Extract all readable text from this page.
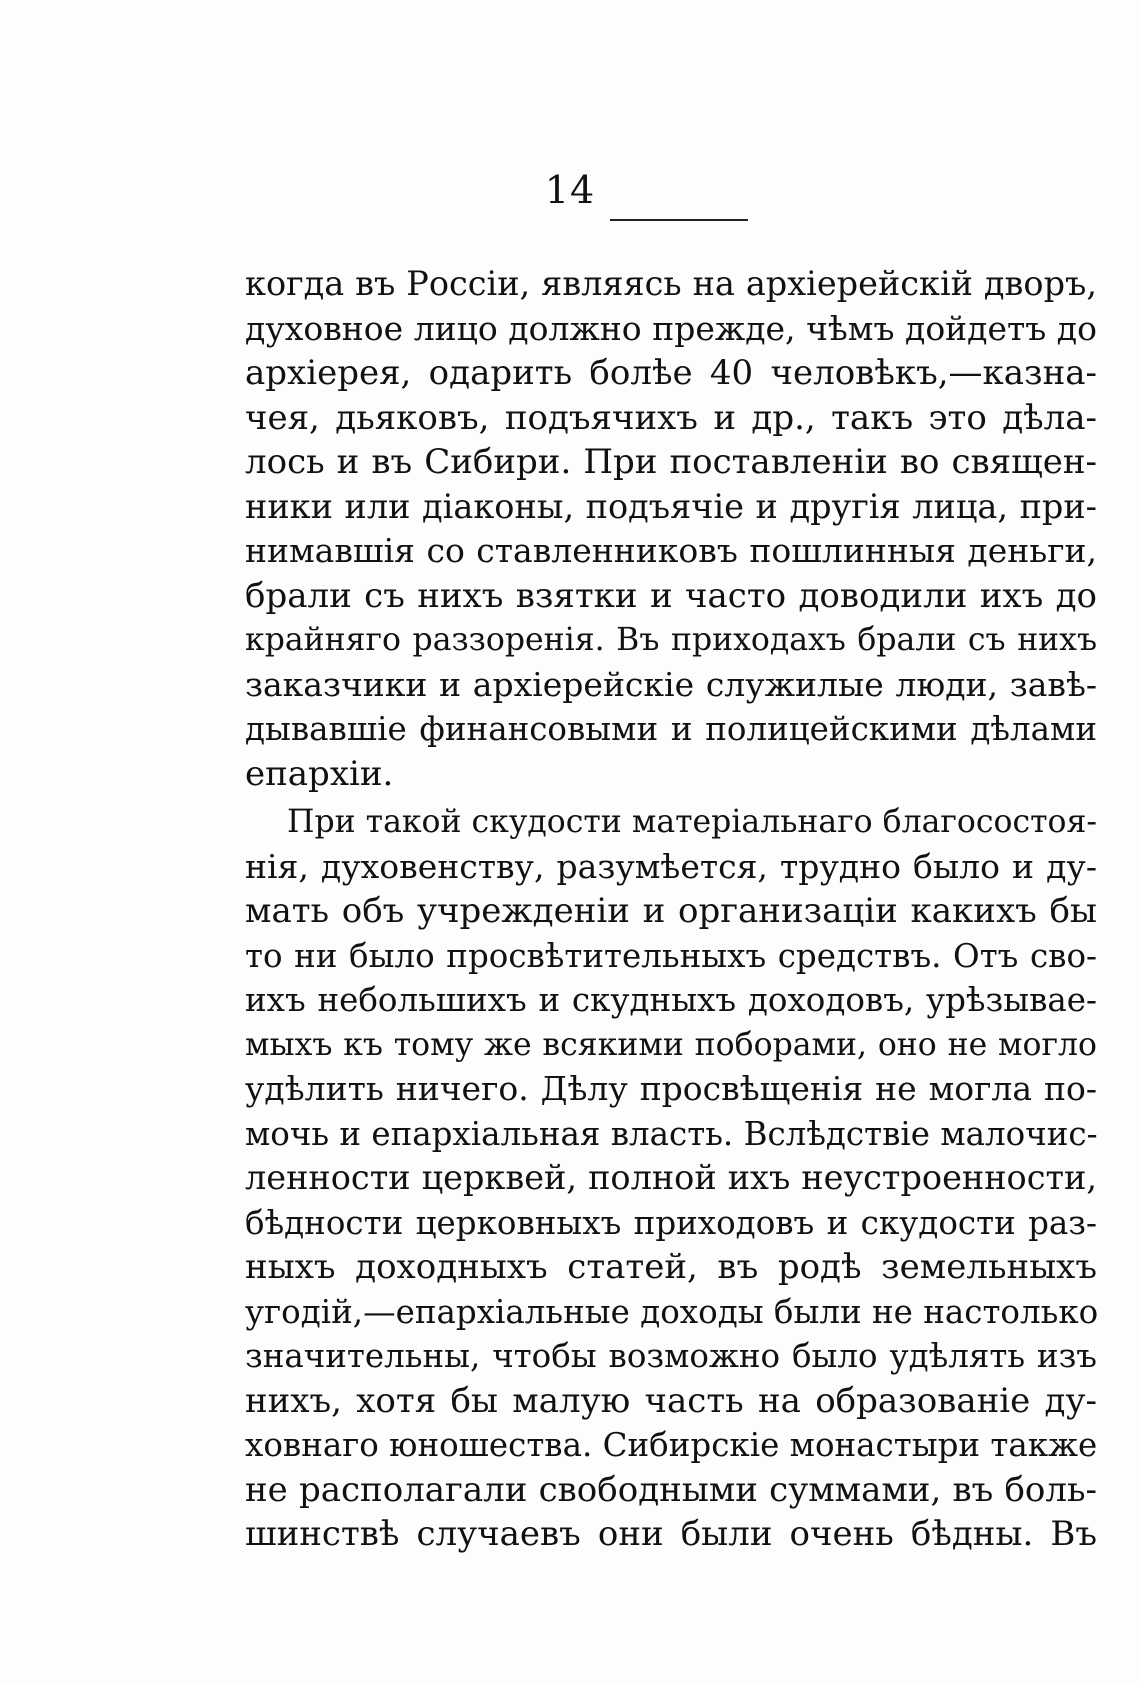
14
когда въ Россіи, являясь на архіерейскій дворъ,
духовное лицо должно прежде, чѣмъ дойдетъ до
архіерея, одарить болѣе 40 человѣкъ,—казна-
чея, дьяковъ, подъячихъ и др., такъ это дѣла-
лось и въ Сибири. При поставленіи во священ-
ники или діаконы, подъячіе и другія лица, при-
нимавшія со ставленниковъ пошлинныя деньги,
брали съ нихъ взятки и часто доводили ихъ до
крайняго раззоренія. Въ приходахъ брали съ нихъ
заказчики и архіерейскіе служилые люди, завѣ-
дывавшіе финансовыми и полицейскими дѣлами
епархіи.
При такой скудости матеріальнаго благосостоя-
нія, духовенству, разумѣется, трудно было и ду-
мать объ учрежденіи и организаціи какихъ бы
то ни было просвѣтительныхъ средствъ. Отъ сво-
ихъ небольшихъ и скудныхъ доходовъ, урѣзывае-
мыхъ къ тому же всякими поборами, оно не могло
удѣлить ничего. Дѣлу просвѣщенія не могла по-
мочь и епархіальная власть. Вслѣдствіе малочис-
ленности церквей, полной ихъ неустроенности,
бѣдности церковныхъ приходовъ и скудости раз-
ныхъ доходныхъ статей, въ родѣ земельныхъ
угодій,—епархіальные доходы были не настолько
значительны, чтобы возможно было удѣлять изъ
нихъ, хотя бы малую часть на образованіе ду-
ховнаго юношества. Сибирскіе монастыри также
не располагали свободными суммами, въ боль-
шинствѣ случаевъ они были очень бѣдны. Въ
